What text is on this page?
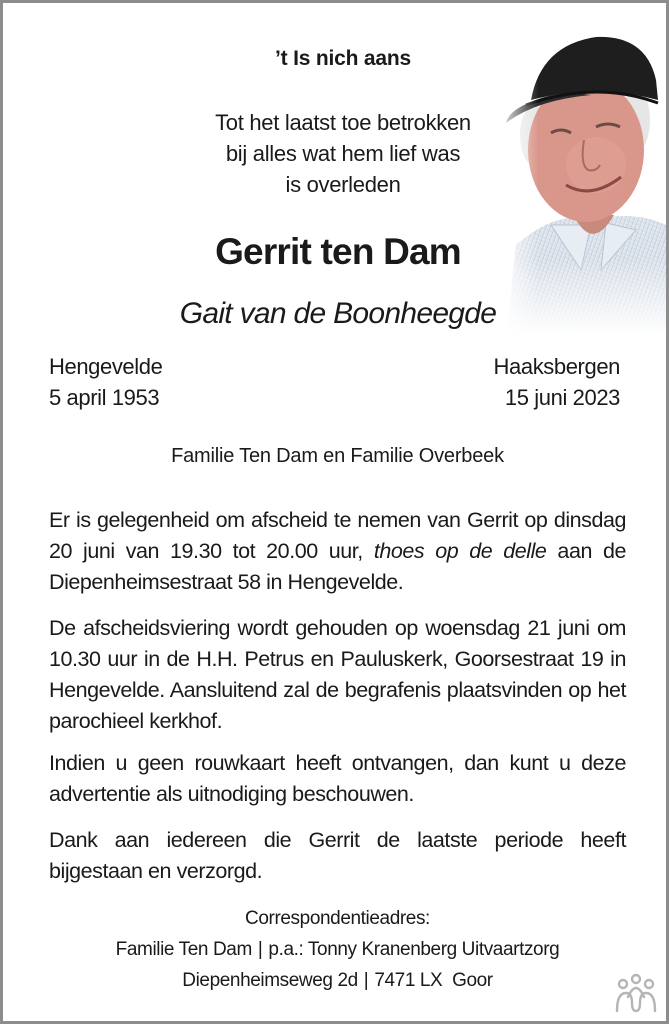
’t Is nich aans
Tot het laatst toe betrokken
bij alles wat hem lief was
is overleden
Gerrit ten Dam
Gait van de Boonheegde
Hengevelde
5 april 1953
Haaksbergen
15 juni 2023
Familie Ten Dam en Familie Overbeek
Er is gelegenheid om afscheid te nemen van Gerrit op dinsdag 20 juni van 19.30 tot 20.00 uur, thoes op de delle aan de Diepenheimsestraat 58 in Hengevelde.
De afscheidsviering wordt gehouden op woensdag 21 juni om 10.30 uur in de H.H. Petrus en Pauluskerk, Goorsestraat 19 in Hengevelde. Aansluitend zal de begrafenis plaatsvinden op het parochieel kerkhof.
Indien u geen rouwkaart heeft ontvangen, dan kunt u deze advertentie als uitnodiging beschouwen.
Dank aan iedereen die Gerrit de laatste periode heeft bijgestaan en verzorgd.
Correspondentieadres:
Familie Ten Dam | p.a.: Tonny Kranenberg Uitvaartzorg
Diepenheimseweg 2d | 7471 LX  Goor
